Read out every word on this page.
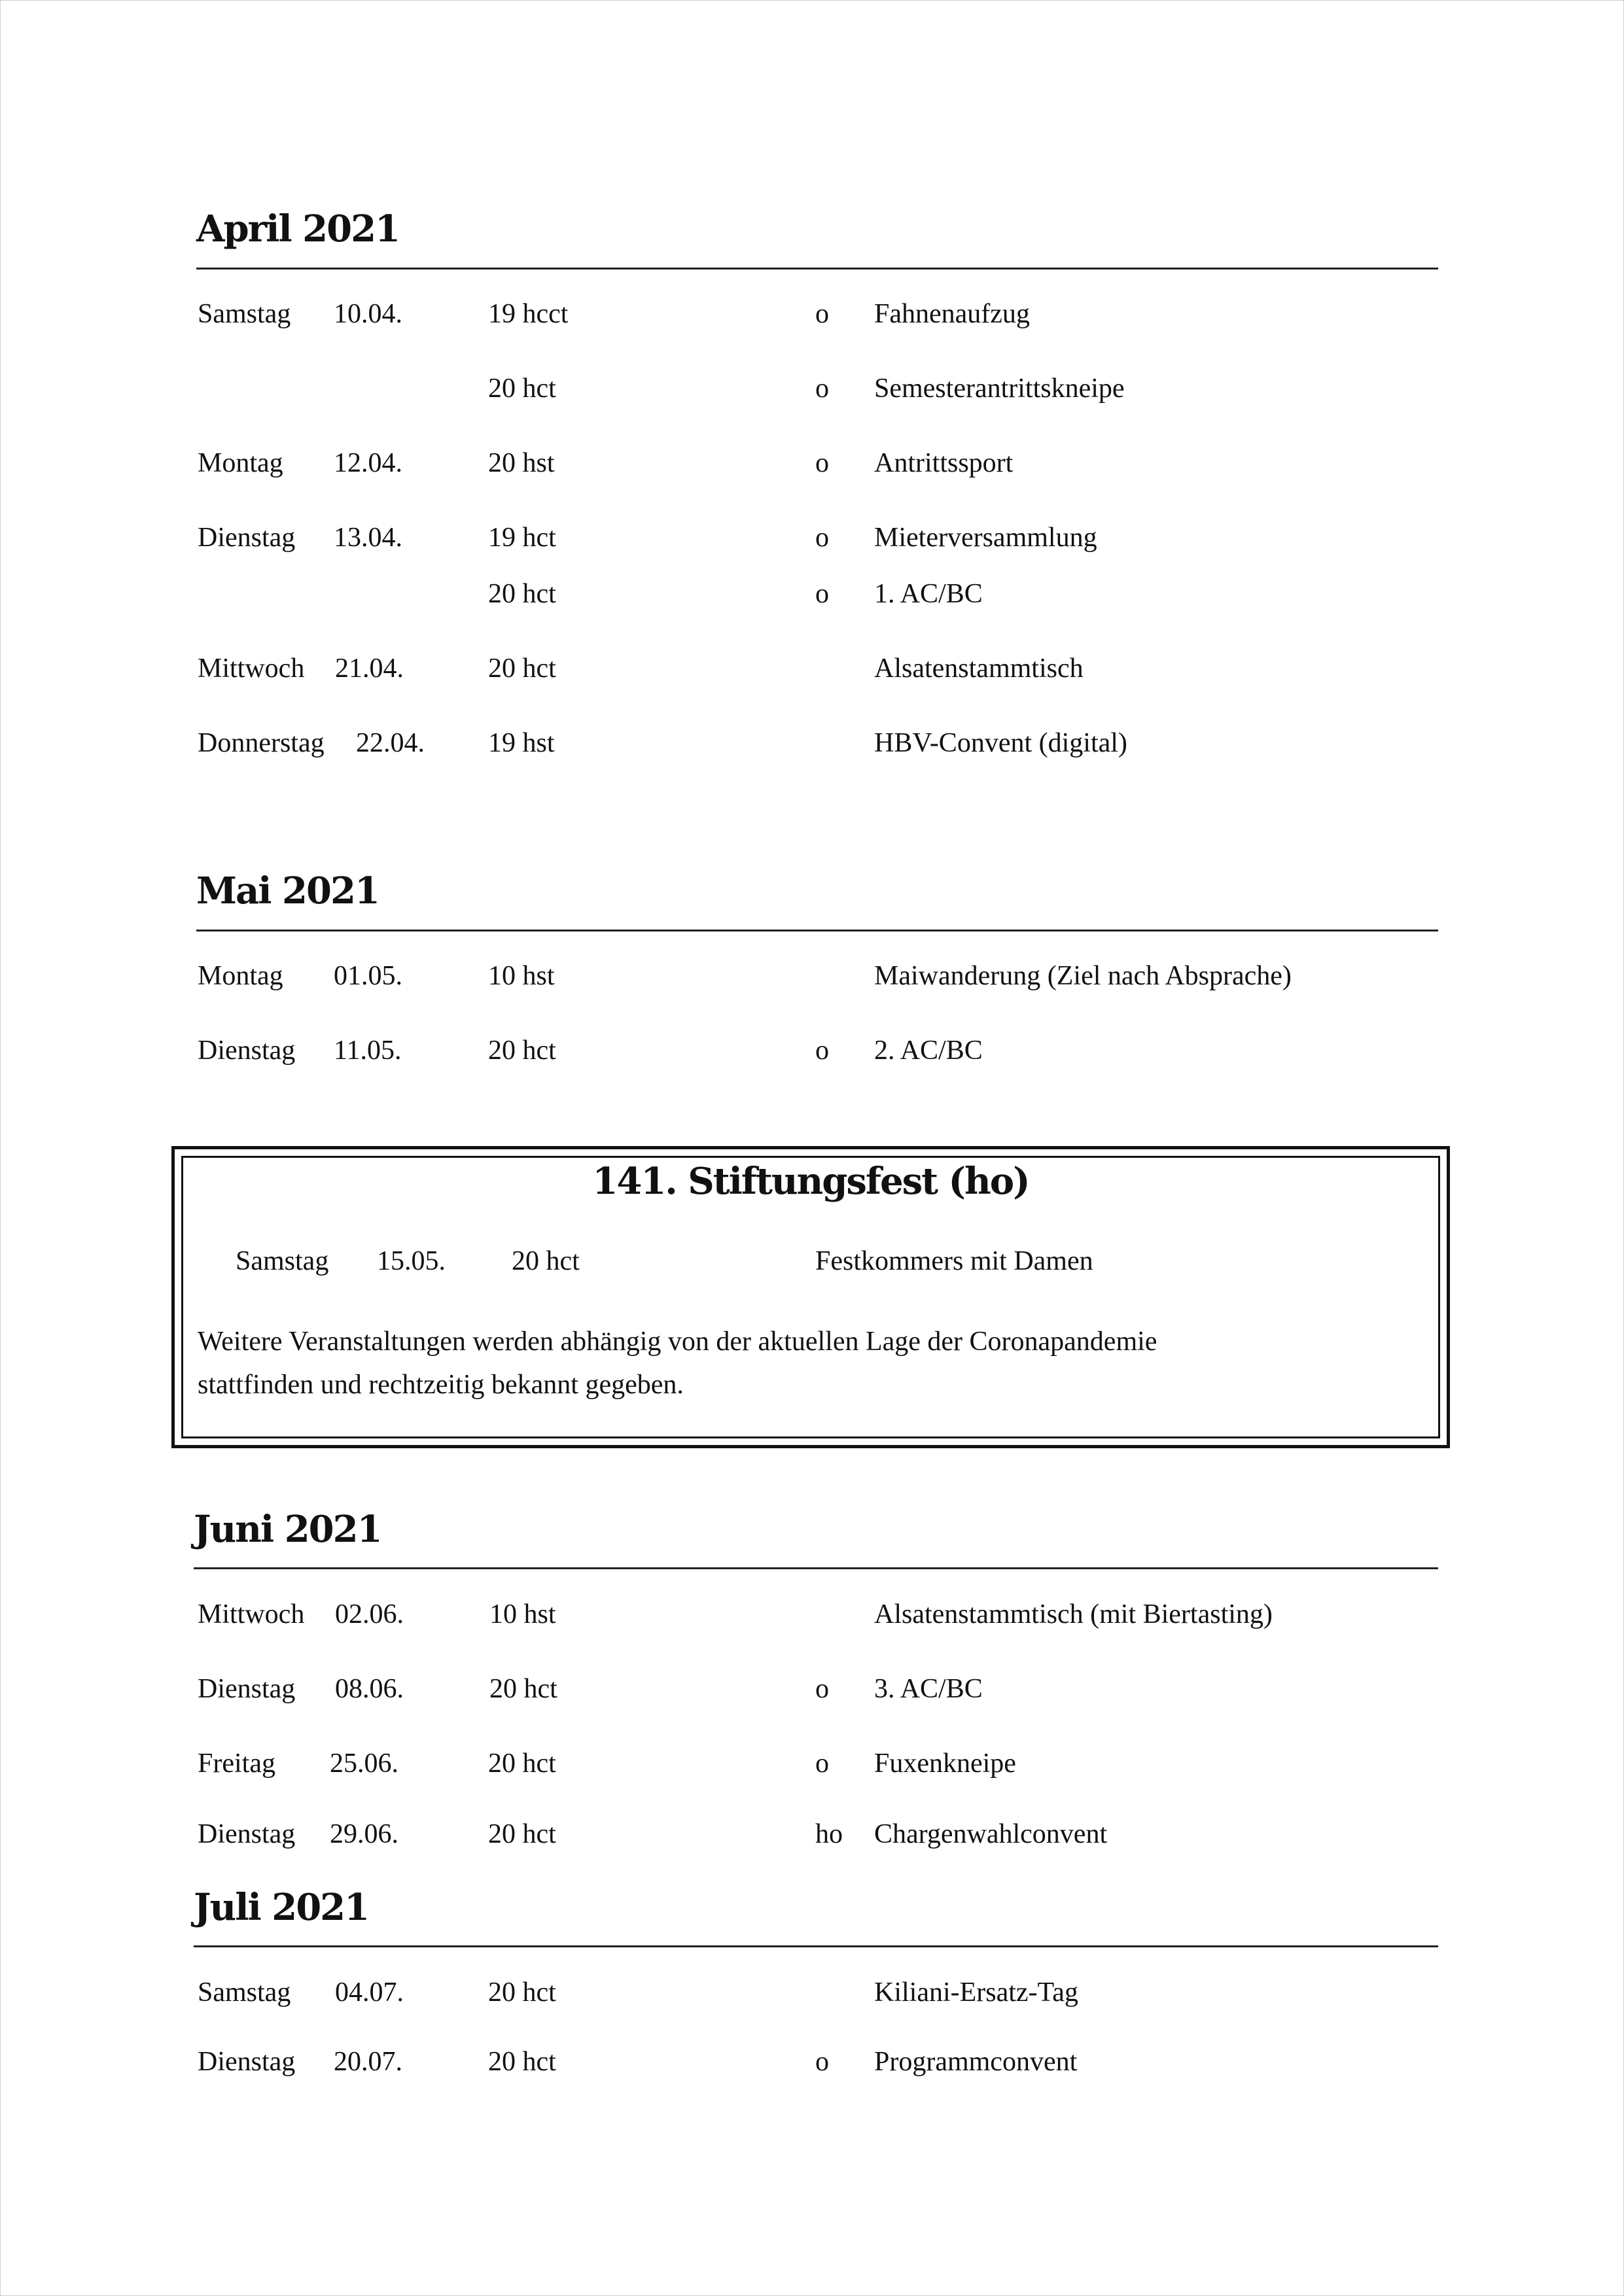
April 2021
Samstag 10.04.	19 hcct	o Fahnenaufzug
20 hct	o Semesterantrittskneipe
Montag 12.04.	20 hst	o Antrittssport
Dienstag 13.04.	19 hct	o Mieterversammlung
20 hct	o 1. AC/BC
Mittwoch 21.04.	20 hct	Alsatenstammtisch
Donnerstag 22.04. 19 hst	HBV-Convent (digital)
Mai 2021
Montag 01.05.	10 hst	Maiwanderung (Ziel nach Absprache)
Dienstag 11.05.	20 hct	o 2. AC/BC
141. Stiftungsfest (ho)
Samstag 15.05. 20 hct	Festkommers mit Damen

Weitere Veranstaltungen werden abhängig von der aktuellen Lage der Coronapandemie
stattfinden und rechtzeitig bekannt gegeben.

Juni 2021
Mittwoch 02.06.	10 hst	Alsatenstammtisch (mit Biertasting)
Dienstag 08.06.	20 hct	o 3. AC/BC
Freitag 25.06.	20 hct	o Fuxenkneipe
Dienstag 29.06.	20 hct	ho Chargenwahlconvent
Juli 2021
Samstag 04.07.	20 hct	Kiliani-Ersatz-Tag
Dienstag 20.07.	20 hct	o Programmconvent
